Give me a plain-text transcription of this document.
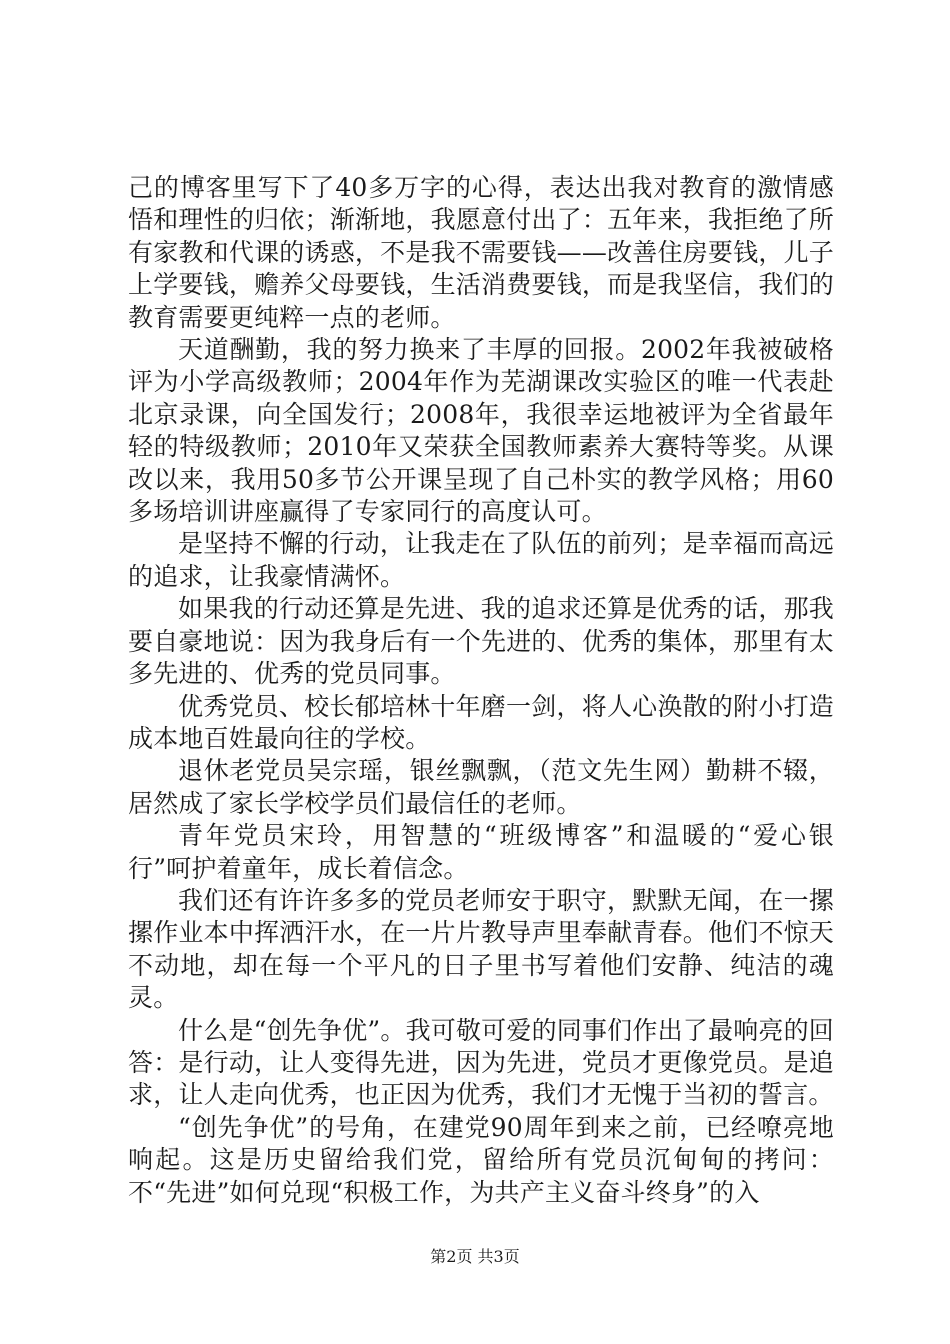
己的博客里写下了40多万字的心得，表达出我对教育的激情感悟和理性的归依；渐渐地，我愿意付出了：五年来，我拒绝了所有家教和代课的诱惑，不是我不需要钱——改善住房要钱，儿子上学要钱，赡养父母要钱，生活消费要钱，而是我坚信，我们的教育需要更纯粹一点的老师。

天道酬勤，我的努力换来了丰厚的回报。2002年我被破格评为小学高级教师；2004年作为芜湖课改实验区的唯一代表赴北京录课，向全国发行；2008年，我很幸运地被评为全省最年轻的特级教师；2010年又荣获全国教师素养大赛特等奖。从课改以来，我用50多节公开课呈现了自己朴实的教学风格；用60多场培训讲座赢得了专家同行的高度认可。

是坚持不懈的行动，让我走在了队伍的前列；是幸福而高远的追求，让我豪情满怀。

如果我的行动还算是先进、我的追求还算是优秀的话，那我要自豪地说：因为我身后有一个先进的、优秀的集体，那里有太多先进的、优秀的党员同事。

优秀党员、校长郁培林十年磨一剑，将人心涣散的附小打造成本地百姓最向往的学校。

退休老党员吴宗瑶，银丝飘飘，（范文先生网）勤耕不辍，居然成了家长学校学员们最信任的老师。

青年党员宋玲，用智慧的“班级博客”和温暖的“爱心银行”呵护着童年，成长着信念。

我们还有许许多多的党员老师安于职守，默默无闻，在一摞摞作业本中挥洒汗水，在一片片教导声里奉献青春。他们不惊天不动地，却在每一个平凡的日子里书写着他们安静、纯洁的魂灵。

什么是“创先争优”。我可敬可爱的同事们作出了最响亮的回答：是行动，让人变得先进，因为先进，党员才更像党员。是追求，让人走向优秀，也正因为优秀，我们才无愧于当初的誓言。

“创先争优”的号角，在建党90周年到来之前，已经嘹亮地响起。这是历史留给我们党，留给所有党员沉甸甸的拷问：不“先进”如何兑现“积极工作，为共产主义奋斗终身”的入

第2页 共3页
